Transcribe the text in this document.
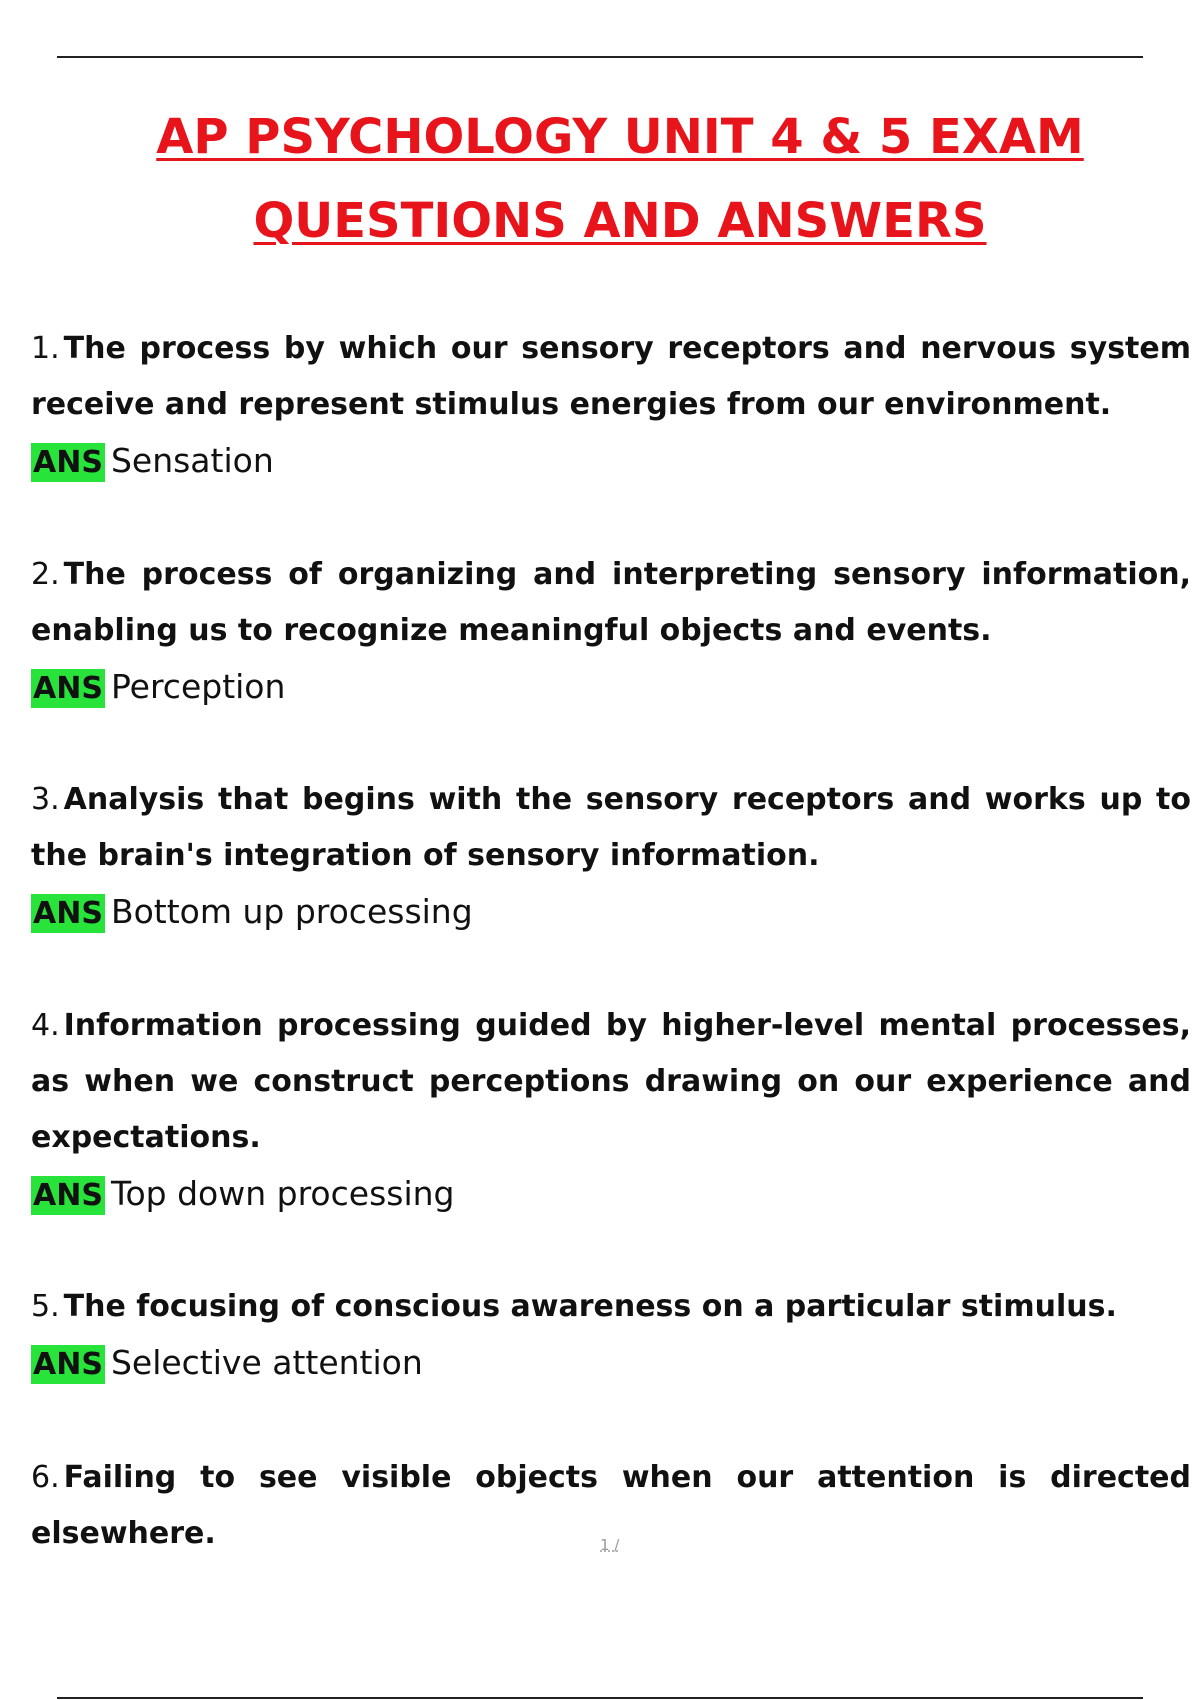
AP PSYCHOLOGY UNIT 4 & 5 EXAM
QUESTIONS AND ANSWERS
1. The process by which our sensory receptors and nervous system receive and represent stimulus energies from our environment.
ANS Sensation
2. The process of organizing and interpreting sensory information, enabling us to recognize meaningful objects and events.
ANS Perception
3. Analysis that begins with the sensory receptors and works up to the brain's integration of sensory information.
ANS Bottom up processing
4. Information processing guided by higher-level mental processes, as when we construct perceptions drawing on our experience and expectations.
ANS Top down processing
5. The focusing of conscious awareness on a particular stimulus.
ANS Selective attention
6. Failing to see visible objects when our attention is directed elsewhere.	1 /
